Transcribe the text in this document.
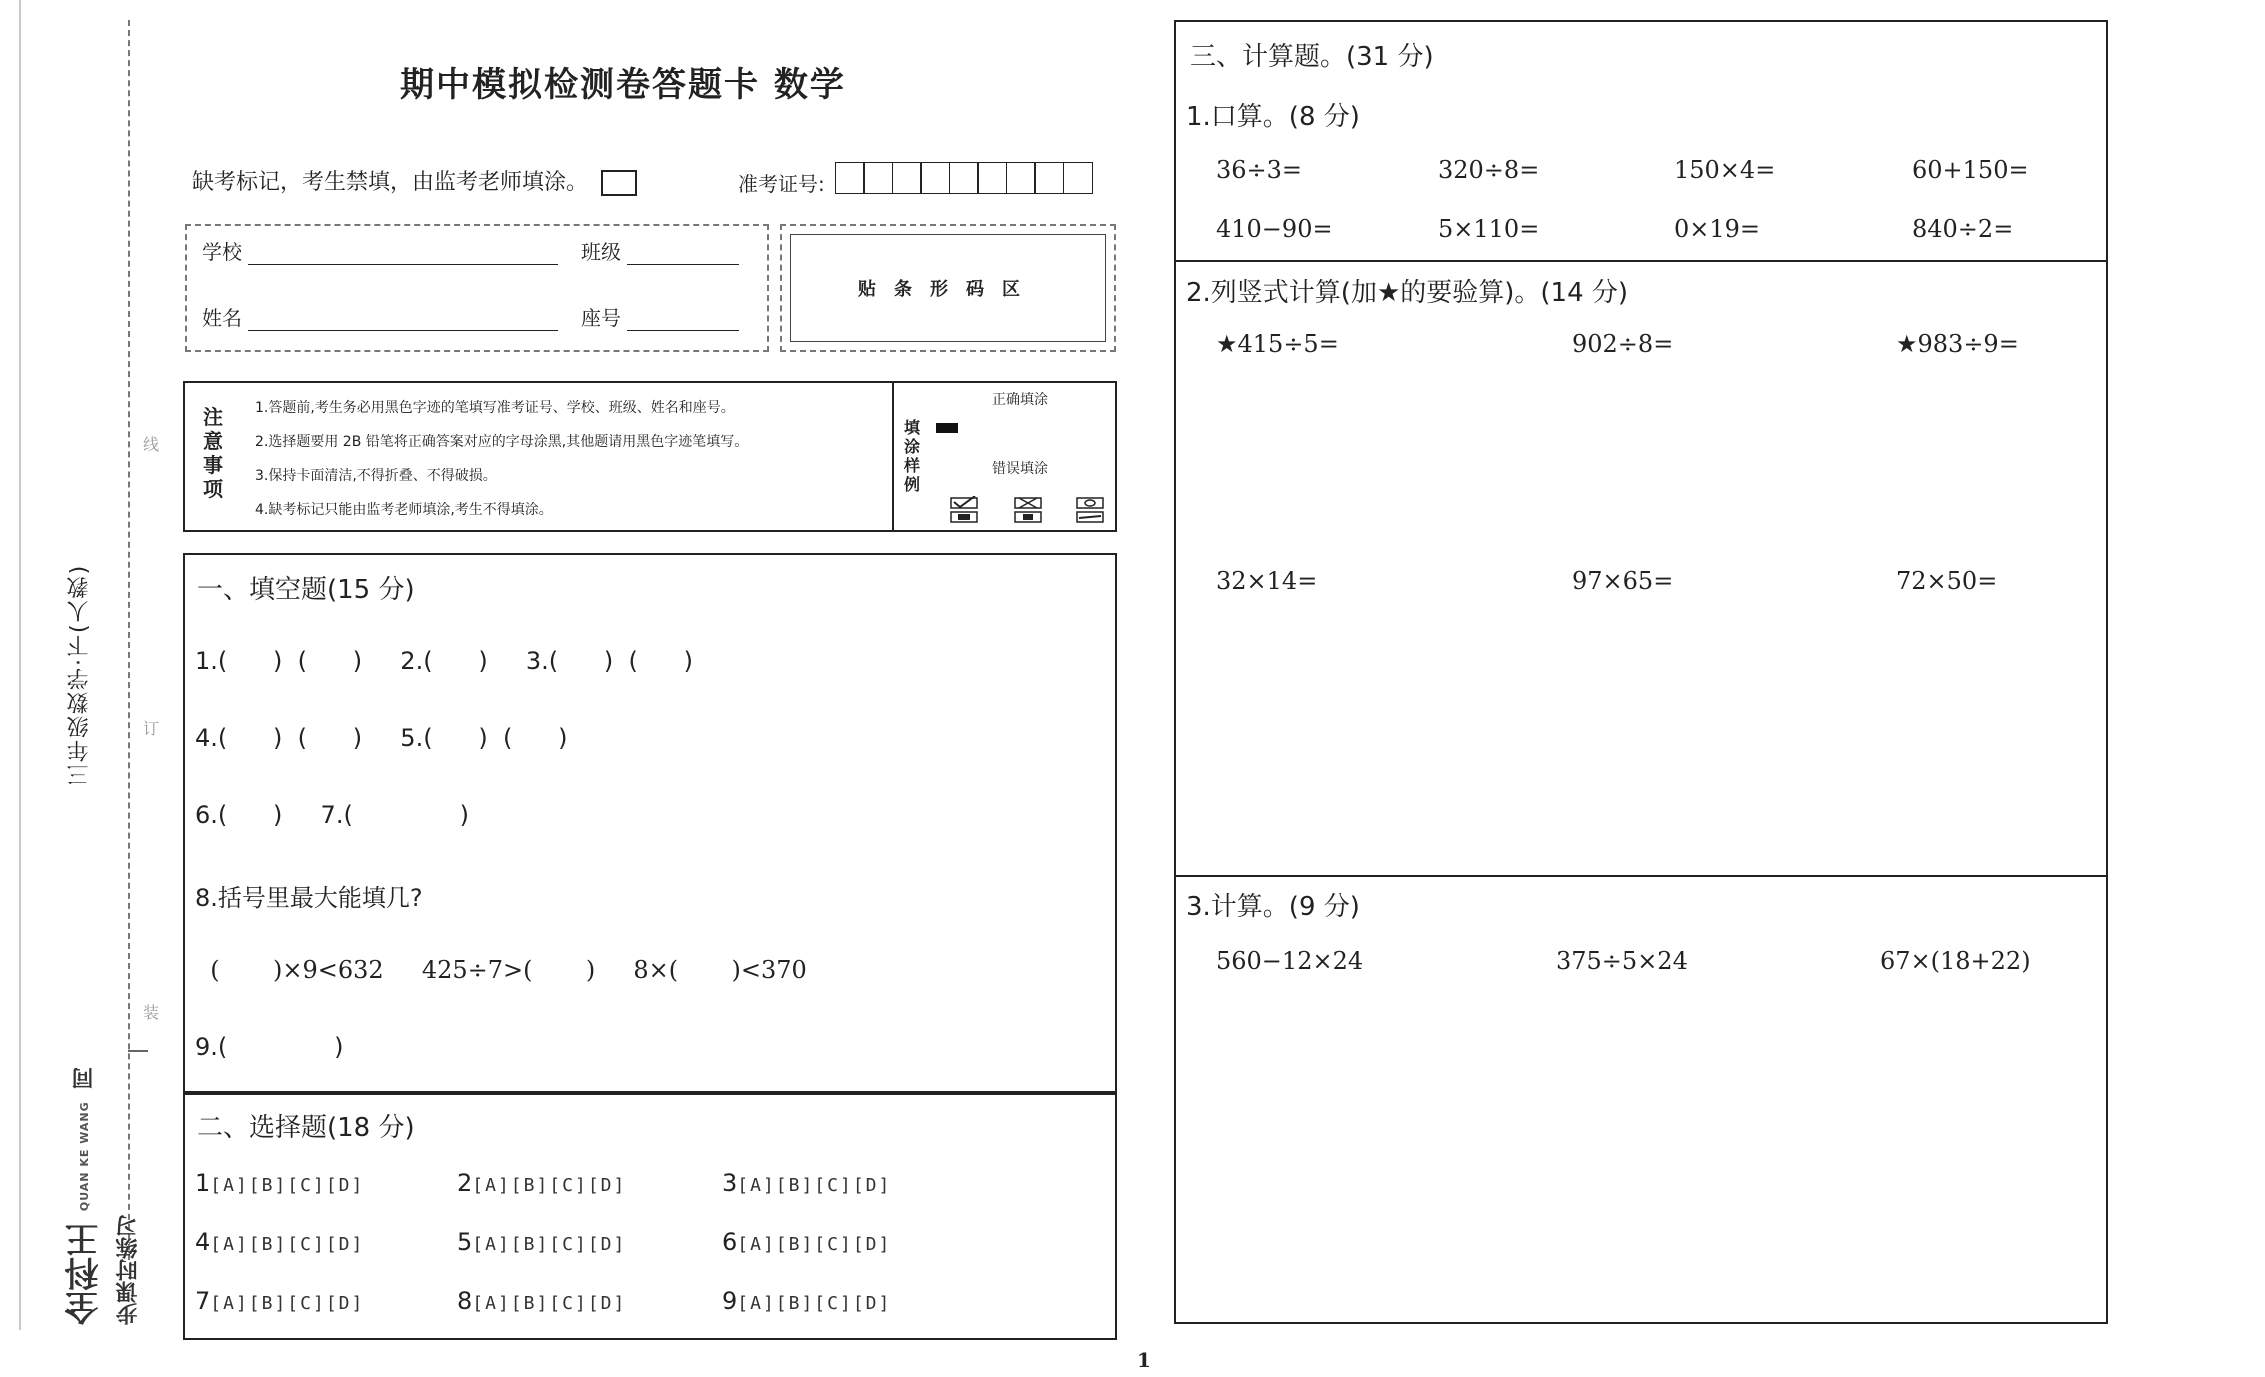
线
订
装
三年级数学·下(人教)
全科王 QUAN KE WANG 同步课时练习
期中模拟检测卷答题卡 数学
缺考标记，考生禁填，由监考老师填涂。	准考证号:
学校	班级
姓名	座号
贴条形码区
注意事项
1.答题前,考生务必用黑色字迹的笔填写准考证号、学校、班级、姓名和座号。
2.选择题要用 2B 铅笔将正确答案对应的字母涂黑,其他题请用黑色字迹笔填写。
3.保持卡面清洁,不得折叠、不得破损。
4.缺考标记只能由监考老师填涂,考生不得填涂。
填涂样例
正确填涂
错误填涂
一、填空题(15 分)
1.(      )  (      )     2.(      )     3.(      )  (      )
4.(      )  (      )     5.(      )  (      )
6.(      )     7.(              )
8.括号里最大能填几?
(       )×9<632     425÷7>(       )     8×(       )<370
9.(              )
二、选择题(18 分)
1[A][B][C][D]	2[A][B][C][D]	3[A][B][C][D]
4[A][B][C][D]	5[A][B][C][D]	6[A][B][C][D]
7[A][B][C][D]	8[A][B][C][D]	9[A][B][C][D]
三、计算题。(31 分)
1.口算。(8 分)
36÷3=	320÷8=	150×4=	60+150=
410−90=	5×110=	0×19=	840÷2=
2.列竖式计算(加★的要验算)。(14 分)
★415÷5=	902÷8=	★983÷9=
32×14=	97×65=	72×50=
3.计算。(9 分)
560−12×24	375÷5×24	67×(18+22)
1
